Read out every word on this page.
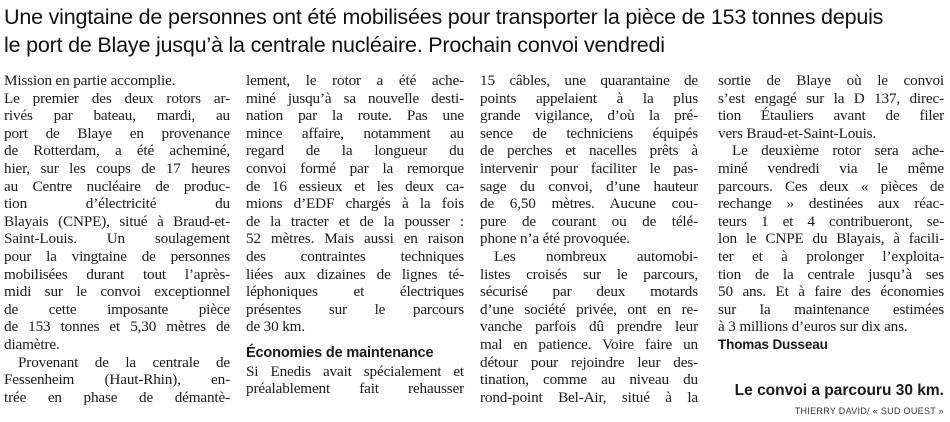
Une vingtaine de personnes ont été mobilisées pour transporter la pièce de 153 tonnes depuis
le port de Blaye jusqu’à la centrale nucléaire. Prochain convoi vendredi
Mission en partie accomplie.
Le premier des deux rotors ar-
rivés par bateau, mardi, au
port de Blaye en provenance
de Rotterdam, a été acheminé,
hier, sur les coups de 17 heures
au Centre nucléaire de produc-
tion d’électricité du
Blayais (CNPE), situé à Braud-et-
Saint-Louis. Un soulagement
pour la vingtaine de personnes
mobilisées durant tout l’après-
midi sur le convoi exceptionnel
de cette imposante pièce
de 153 tonnes et 5,30 mètres de
diamètre.
Provenant de la centrale de
Fessenheim (Haut-Rhin), en-
trée en phase de démantè-
lement, le rotor a été ache-
miné jusqu’à sa nouvelle desti-
nation par la route. Pas une
mince affaire, notamment au
regard de la longueur du
convoi formé par la remorque
de 16 essieux et les deux ca-
mions d’EDF chargés à la fois
de la tracter et de la pousser :
52 mètres. Mais aussi en raison
des contraintes techniques
liées aux dizaines de lignes té-
léphoniques et électriques
présentes sur le parcours
de 30 km.
Économies de maintenance
Si Enedis avait spécialement et
préalablement fait rehausser
15 câbles, une quarantaine de
points appelaient à la plus
grande vigilance, d’où la pré-
sence de techniciens équipés
de perches et nacelles prêts à
intervenir pour faciliter le pas-
sage du convoi, d’une hauteur
de 6,50 mètres. Aucune cou-
pure de courant ou de télé-
phone n’a été provoquée.
Les nombreux automobi-
listes croisés sur le parcours,
sécurisé par deux motards
d’une société privée, ont en re-
vanche parfois dû prendre leur
mal en patience. Voire faire un
détour pour rejoindre leur des-
tination, comme au niveau du
rond-point Bel-Air, situé à la
sortie de Blaye où le convoi
s’est engagé sur la D 137, direc-
tion Étauliers avant de filer
vers Braud-et-Saint-Louis.
Le deuxième rotor sera ache-
miné vendredi via le même
parcours. Ces deux « pièces de
rechange » destinées aux réac-
teurs 1 et 4 contribueront, se-
lon le CNPE du Blayais, à facili-
ter et à prolonger l’exploita-
tion de la centrale jusqu’à ses
50 ans. Et à faire des économies
sur la maintenance estimées
à 3 millions d’euros sur dix ans.
Thomas Dusseau
Le convoi a parcouru 30 km.
THIERRY DAVID/ « SUD OUEST »
